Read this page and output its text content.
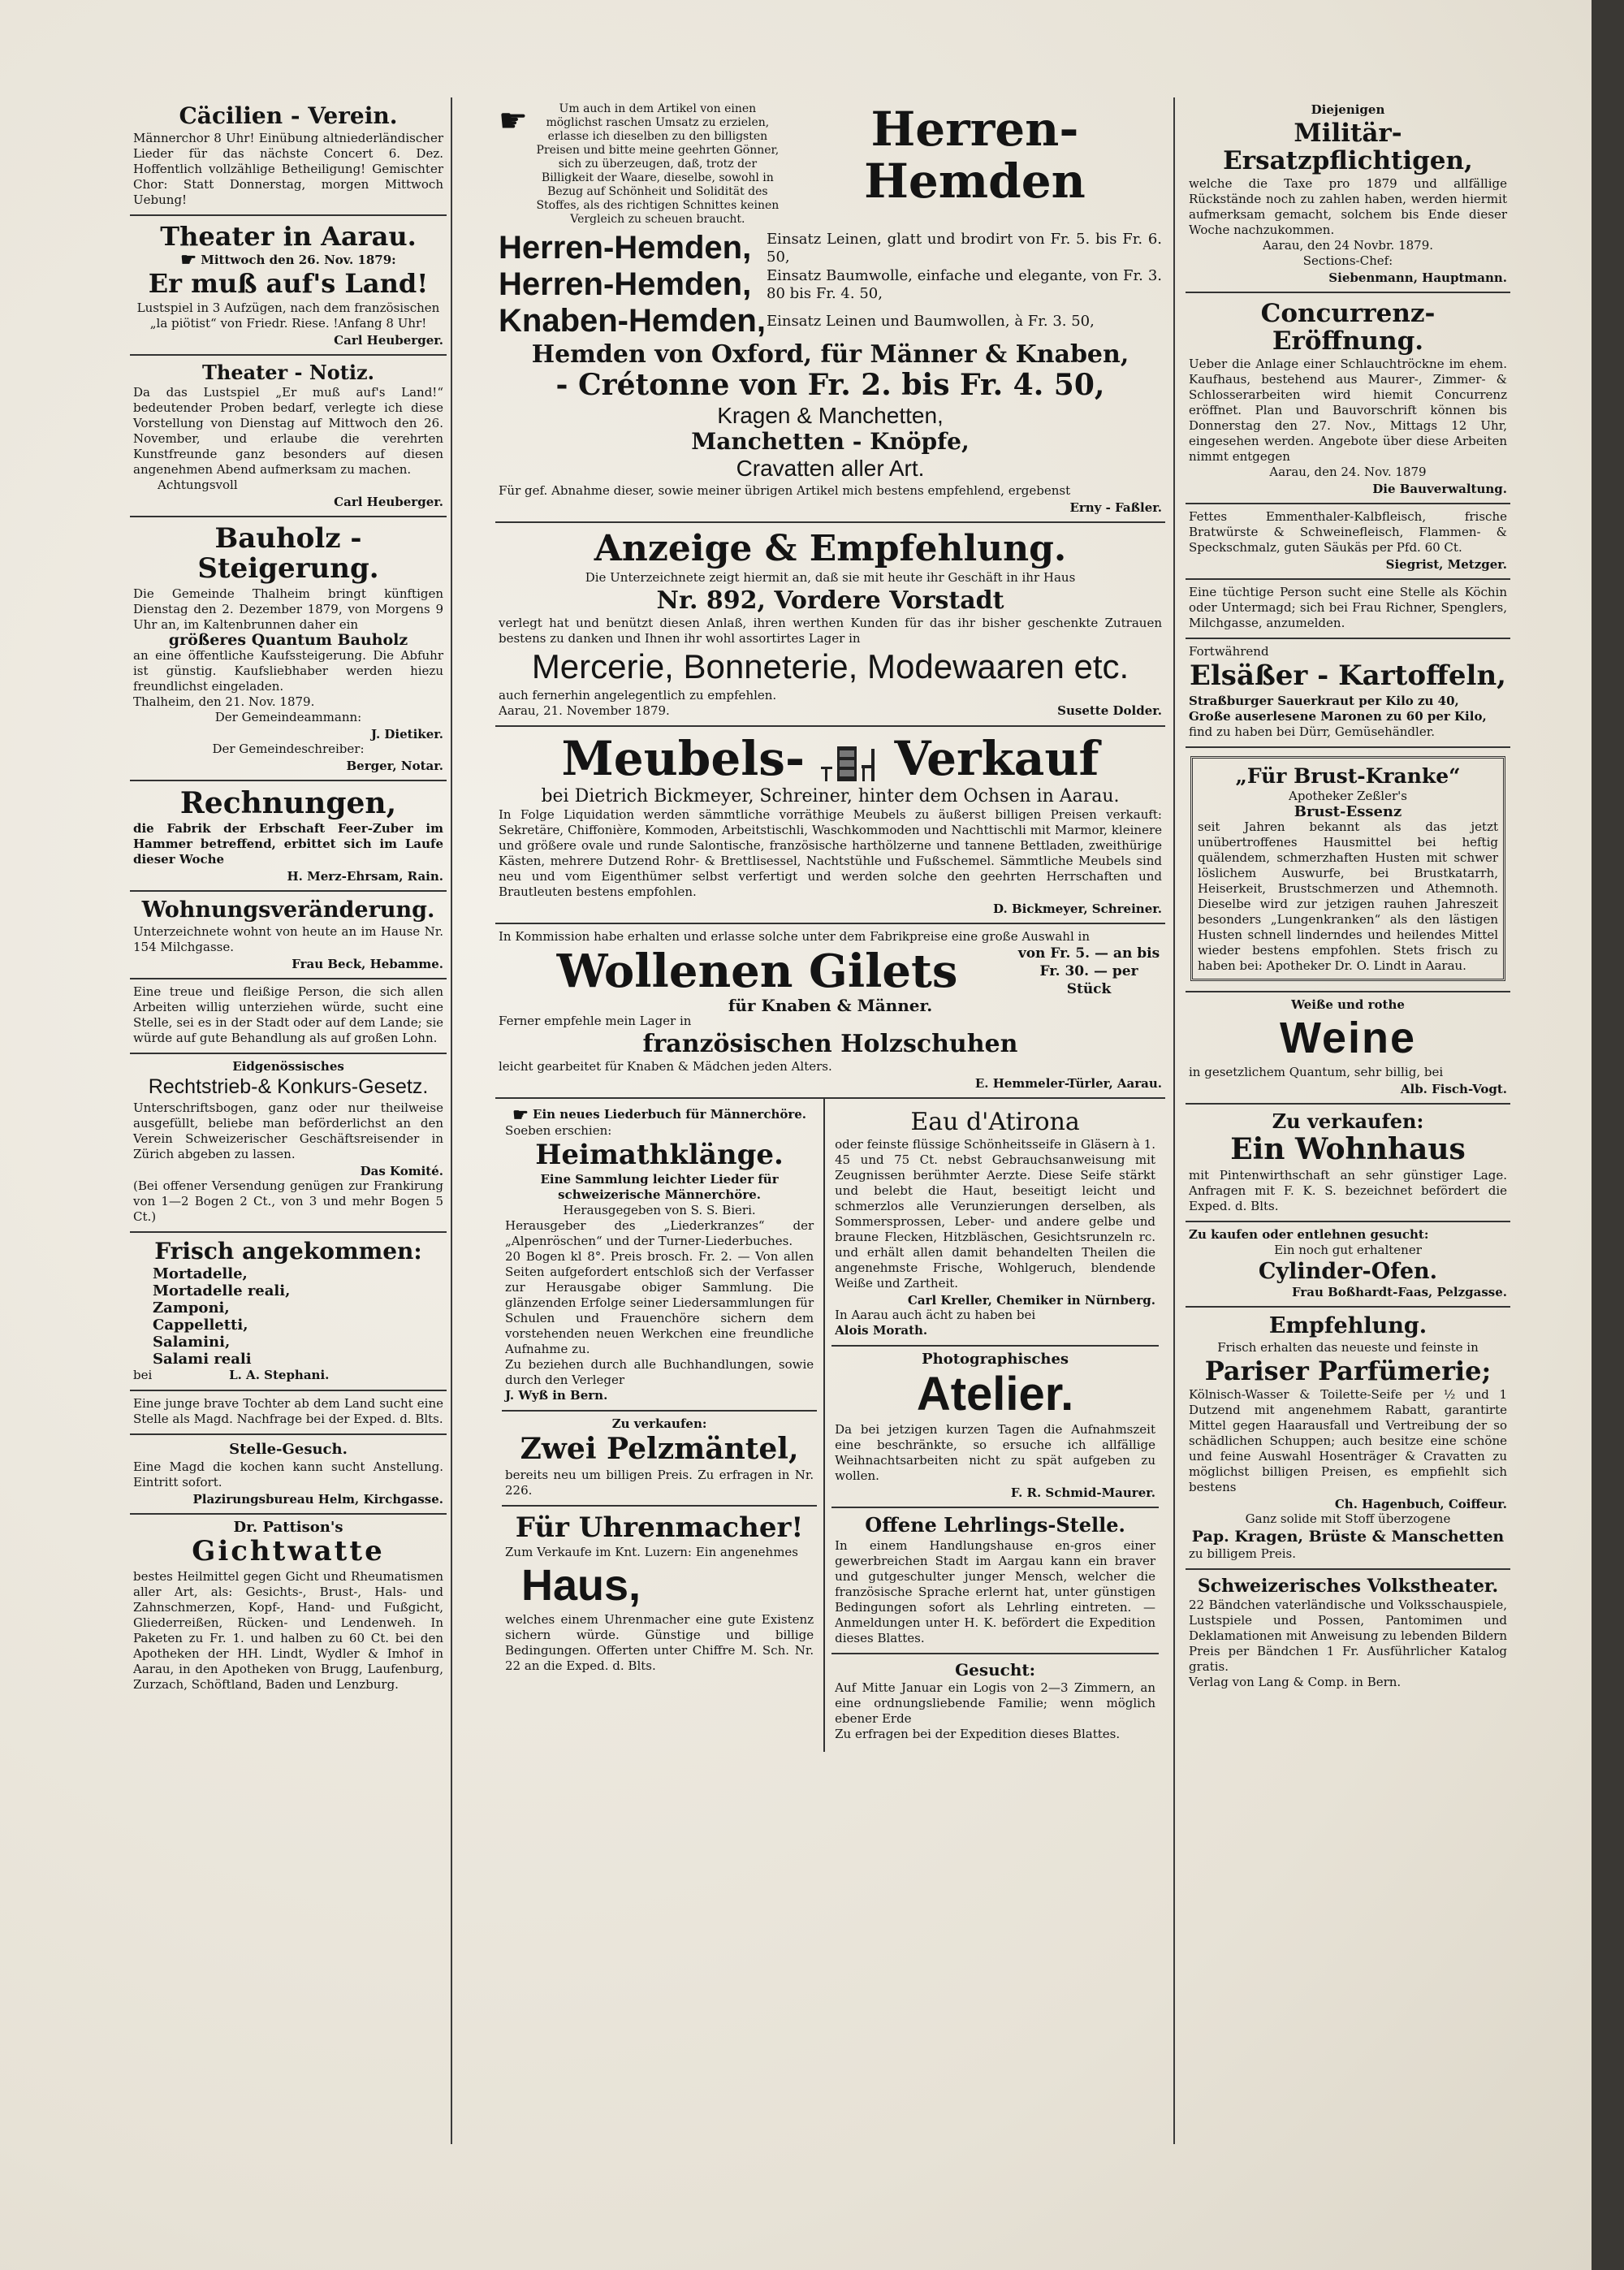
Cäcilien - Verein.

Männerchor 8 Uhr! Einübung altniederländischer Lieder für das nächste Concert 6. Dez. Hoffentlich vollzählige Betheiligung! Gemischter Chor: Statt Donnerstag, morgen Mittwoch Uebung!

Theater in Aarau.

☛ Mittwoch den 26. Nov. 1879:

Er muß auf's Land!

Lustspiel in 3 Aufzügen, nach dem französischen „la piötist“ von Friedr. Riese. !Anfang 8 Uhr!

Carl Heuberger.

Theater - Notiz.

Da das Lustspiel „Er muß auf's Land!“ bedeutender Proben bedarf, verlegte ich diese Vorstellung von Dienstag auf Mittwoch den 26. November, und erlaube die verehrten Kunstfreunde ganz besonders auf diesen angenehmen Abend aufmerksam zu machen.

Achtungsvoll

Carl Heuberger.

Bauholz - Steigerung.

Die Gemeinde Thalheim bringt künftigen Dienstag den 2. Dezember 1879, von Morgens 9 Uhr an, im Kaltenbrunnen daher ein

größeres Quantum Bauholz

an eine öffentliche Kaufssteigerung. Die Abfuhr ist günstig. Kaufsliebhaber werden hiezu freundlichst eingeladen.

Thalheim, den 21. Nov. 1879.

Der Gemeindeammann:

J. Dietiker.

Der Gemeindeschreiber:

Berger, Notar.

Rechnungen,

die Fabrik der Erbschaft Feer-Zuber im Hammer betreffend, erbittet sich im Laufe dieser Woche

H. Merz-Ehrsam, Rain.

Wohnungsveränderung.

Unterzeichnete wohnt von heute an im Hause Nr. 154 Milchgasse.

Frau Beck, Hebamme.

Eine treue und fleißige Person, die sich allen Arbeiten willig unterziehen würde, sucht eine Stelle, sei es in der Stadt oder auf dem Lande; sie würde auf gute Behandlung als auf großen Lohn.

Eidgenössisches

Rechtstrieb-& Konkurs-Gesetz.

Unterschriftsbogen, ganz oder nur theilweise ausgefüllt, beliebe man beförderlichst an den Verein Schweizerischer Geschäftsreisender in Zürich abgeben zu lassen.

Das Komité.

(Bei offener Versendung genügen zur Frankirung von 1—2 Bogen 2 Ct., von 3 und mehr Bogen 5 Ct.)

Frisch angekommen:

Mortadelle,

Mortadelle reali,

Zamponi,

Cappelletti,

Salamini,

Salami reali

bei	L. A. Stephani.

Eine junge brave Tochter ab dem Land sucht eine Stelle als Magd. Nachfrage bei der Exped. d. Blts.

Stelle-Gesuch.

Eine Magd die kochen kann sucht Anstellung. Eintritt sofort.

Plazirungsbureau Helm, Kirchgasse.

Dr. Pattison's

Gichtwatte

bestes Heilmittel gegen Gicht und Rheumatismen aller Art, als: Gesichts-, Brust-, Hals- und Zahnschmerzen, Kopf-, Hand- und Fußgicht, Gliederreißen, Rücken- und Lendenweh. In Paketen zu Fr. 1. und halben zu 60 Ct. bei den Apotheken der HH. Lindt, Wydler & Imhof in Aarau, in den Apotheken von Brugg, Laufenburg, Zurzach, Schöftland, Baden und Lenzburg.

☛	Um auch in dem Artikel von einen möglichst raschen Umsatz zu erzielen, erlasse ich dieselben zu den billigsten Preisen und bitte meine geehrten Gönner, sich zu überzeugen, daß, trotz der Billigkeit der Waare, dieselbe, sowohl in Bezug auf Schönheit und Solidität des Stoffes, als des richtigen Schnittes keinen Vergleich zu scheuen braucht.

Herren-Hemden
Herren-Hemden,	Einsatz Leinen, glatt und brodirt von Fr. 5. bis Fr. 6. 50,
Herren-Hemden,	Einsatz Baumwolle, einfache und elegante, von Fr. 3. 80 bis Fr. 4. 50,
Knaben-Hemden, Einsatz Leinen und Baumwollen, à Fr. 3. 50,
Hemden von Oxford, für Männer & Knaben,
- Crétonne von Fr. 2. bis Fr. 4. 50,
Kragen & Manchetten,
Manchetten - Knöpfe,
Cravatten aller Art.

Für gef. Abnahme dieser, sowie meiner übrigen Artikel mich bestens empfehlend, ergebenst

Erny - Faßler.

Anzeige & Empfehlung.

Die Unterzeichnete zeigt hiermit an, daß sie mit heute ihr Geschäft in ihr Haus

Nr. 892, Vordere Vorstadt

verlegt hat und benützt diesen Anlaß, ihren werthen Kunden für das ihr bisher geschenkte Zutrauen bestens zu danken und Ihnen ihr wohl assortirtes Lager in

Mercerie, Bonneterie, Modewaaren etc.

auch fernerhin angelegentlich zu empfehlen.

Aarau, 21. November 1879.	Susette Dolder.

Meubels- Verkauf

bei Dietrich Bickmeyer, Schreiner, hinter dem Ochsen in Aarau.

In Folge Liquidation werden sämmtliche vorräthige Meubels zu äußerst billigen Preisen verkauft: Sekretäre, Chiffonière, Kommoden, Arbeitstischli, Waschkommoden und Nachttischli mit Marmor, kleinere und größere ovale und runde Salontische, französische harthölzerne und tannene Bettladen, zweithürige Kästen, mehrere Dutzend Rohr- & Brettlisessel, Nachtstühle und Fußschemel. Sämmtliche Meubels sind neu und vom Eigenthümer selbst verfertigt und werden solche den geehrten Herrschaften und Brautleuten bestens empfohlen.

D. Bickmeyer, Schreiner.

In Kommission habe erhalten und erlasse solche unter dem Fabrikpreise eine große Auswahl in

Wollenen Gilets	von Fr. 5. — an bis Fr. 30. — per Stück

für Knaben & Männer.

Ferner empfehle mein Lager in

französischen Holzschuhen

leicht gearbeitet für Knaben & Mädchen jeden Alters.

E. Hemmeler-Türler, Aarau.

☛ Ein neues Liederbuch für Männerchöre.

Soeben erschien:

Heimathklänge.

Eine Sammlung leichter Lieder für schweizerische Männerchöre.

Herausgegeben von S. S. Bieri.

Herausgeber des „Liederkranzes“ der „Alpenröschen“ und der Turner-Liederbuches.

20 Bogen kl 8°. Preis brosch. Fr. 2. — Von allen Seiten aufgefordert entschloß sich der Verfasser zur Herausgabe obiger Sammlung. Die glänzenden Erfolge seiner Liedersammlungen für Schulen und Frauenchöre sichern dem vorstehenden neuen Werkchen eine freundliche Aufnahme zu.

Zu beziehen durch alle Buchhandlungen, sowie durch den Verleger

J. Wyß in Bern.

Zu verkaufen:

Zwei Pelzmäntel,

bereits neu um billigen Preis. Zu erfragen in Nr. 226.

Für Uhrenmacher!

Zum Verkaufe im Knt. Luzern: Ein angenehmes

Haus,

welches einem Uhrenmacher eine gute Existenz sichern würde. Günstige und billige Bedingungen. Offerten unter Chiffre M. Sch. Nr. 22 an die Exped. d. Blts.

Eau d'Atirona

oder feinste flüssige Schönheitsseife in Gläsern à 1. 45 und 75 Ct. nebst Gebrauchsanweisung mit Zeugnissen berühmter Aerzte. Diese Seife stärkt und belebt die Haut, beseitigt leicht und schmerzlos alle Verunzierungen derselben, als Sommersprossen, Leber- und andere gelbe und braune Flecken, Hitzbläschen, Gesichtsrunzeln rc. und erhält allen damit behandelten Theilen die angenehmste Frische, Wohlgeruch, blendende Weiße und Zartheit.

Carl Kreller, Chemiker in Nürnberg.

In Aarau auch ächt zu haben bei

Alois Morath.

Photographisches

Atelier.

Da bei jetzigen kurzen Tagen die Aufnahmszeit eine beschränkte, so ersuche ich allfällige Weihnachtsarbeiten nicht zu spät aufgeben zu wollen.

F. R. Schmid-Maurer.

Offene Lehrlings-Stelle.

In einem Handlungshause en-gros einer gewerbreichen Stadt im Aargau kann ein braver und gutgeschulter junger Mensch, welcher die französische Sprache erlernt hat, unter günstigen Bedingungen sofort als Lehrling eintreten. — Anmeldungen unter H. K. befördert die Expedition dieses Blattes.

Gesucht:

Auf Mitte Januar ein Logis von 2—3 Zimmern, an eine ordnungsliebende Familie; wenn möglich ebener Erde

Zu erfragen bei der Expedition dieses Blattes.

Diejenigen

Militär-Ersatzpflichtigen,

welche die Taxe pro 1879 und allfällige Rückstände noch zu zahlen haben, werden hiermit aufmerksam gemacht, solchem bis Ende dieser Woche nachzukommen.

Aarau, den 24 Novbr. 1879.

Sections-Chef:

Siebenmann, Hauptmann.

Concurrenz-Eröffnung.

Ueber die Anlage einer Schlauchtröckne im ehem. Kaufhaus, bestehend aus Maurer-, Zimmer- & Schlosserarbeiten wird hiemit Concurrenz eröffnet. Plan und Bauvorschrift können bis Donnerstag den 27. Nov., Mittags 12 Uhr, eingesehen werden. Angebote über diese Arbeiten nimmt entgegen

Aarau, den 24. Nov. 1879

Die Bauverwaltung.

Fettes Emmenthaler-Kalbfleisch, frische Bratwürste & Schweinefleisch, Flammen- & Speckschmalz, guten Säukäs per Pfd. 60 Ct.

Siegrist, Metzger.

Eine tüchtige Person sucht eine Stelle als Köchin oder Untermagd; sich bei Frau Richner, Spenglers, Milchgasse, anzumelden.

Fortwährend

Elsäßer - Kartoffeln,

Straßburger Sauerkraut per Kilo zu 40,

Große auserlesene Maronen zu 60 per Kilo,

find zu haben bei Dürr, Gemüsehändler.

„Für Brust-Kranke“

Apotheker Zeßler's

Brust-Essenz

seit Jahren bekannt als das jetzt unübertroffenes Hausmittel bei heftig quälendem, schmerzhaften Husten mit schwer löslichem Auswurfe, bei Brustkatarrh, Heiserkeit, Brustschmerzen und Athemnoth. Dieselbe wird zur jetzigen rauhen Jahreszeit besonders „Lungenkranken“ als den lästigen Husten schnell linderndes und heilendes Mittel wieder bestens empfohlen. Stets frisch zu haben bei: Apotheker Dr. O. Lindt in Aarau.

Weiße und rothe

Weine

in gesetzlichem Quantum, sehr billig, bei

Alb. Fisch-Vogt.

Zu verkaufen:
Ein Wohnhaus

mit Pintenwirthschaft an sehr günstiger Lage. Anfragen mit F. K. S. bezeichnet befördert die Exped. d. Blts.

Zu kaufen oder entlehnen gesucht:

Ein noch gut erhaltener

Cylinder-Ofen.

Frau Boßhardt-Faas, Pelzgasse.

Empfehlung.

Frisch erhalten das neueste und feinste in

Pariser Parfümerie;

Kölnisch-Wasser & Toilette-Seife per ½ und 1 Dutzend mit angenehmem Rabatt, garantirte Mittel gegen Haarausfall und Vertreibung der so schädlichen Schuppen; auch besitze eine schöne und feine Auswahl Hosenträger & Cravatten zu möglichst billigen Preisen, es empfiehlt sich bestens

Ch. Hagenbuch, Coiffeur.

Ganz solide mit Stoff überzogene

Pap. Kragen, Brüste & Manschetten

zu billigem Preis.

Schweizerisches Volkstheater.

22 Bändchen vaterländische und Volksschauspiele, Lustspiele und Possen, Pantomimen und Deklamationen mit Anweisung zu lebenden Bildern Preis per Bändchen 1 Fr. Ausführlicher Katalog gratis.

Verlag von Lang & Comp. in Bern.
